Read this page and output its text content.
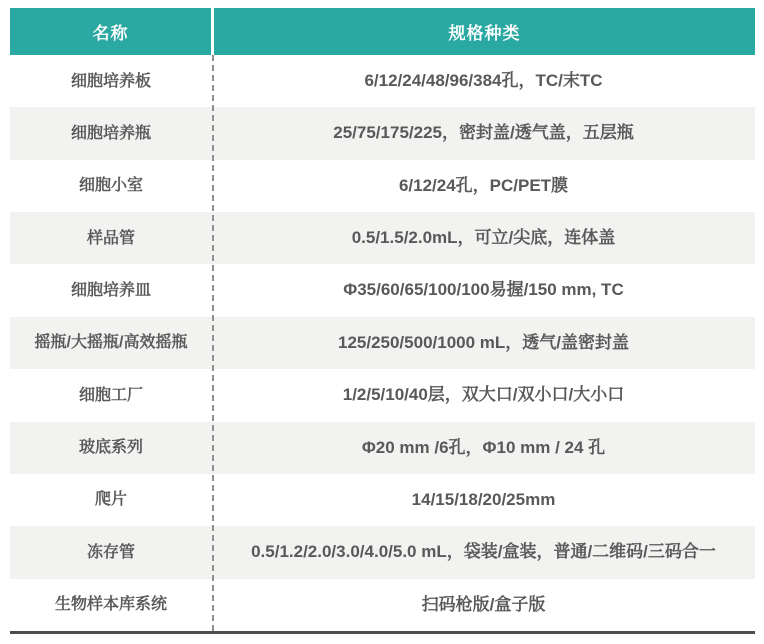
名称	规格种类
细胞培养板	6/12/24/48/96/384孔，TC/末TC
细胞培养瓶	25/75/175/225，密封盖/透气盖，五层瓶
细胞小室	6/12/24孔，PC/PET膜
样品管	0.5/1.5/2.0mL，可立/尖底，连体盖
细胞培养皿	Φ35/60/65/100/100易握/150 mm, TC
摇瓶/大摇瓶/高效摇瓶	125/250/500/1000 mL，透气/盖密封盖
细胞工厂	1/2/5/10/40层，双大口/双小口/大小口
玻底系列	Φ20 mm /6孔，Φ10 mm / 24 孔
爬片	14/15/18/20/25mm
冻存管	0.5/1.2/2.0/3.0/4.0/5.0 mL，袋装/盒装，普通/二维码/三码合一
生物样本库系统	扫码枪版/盒子版
